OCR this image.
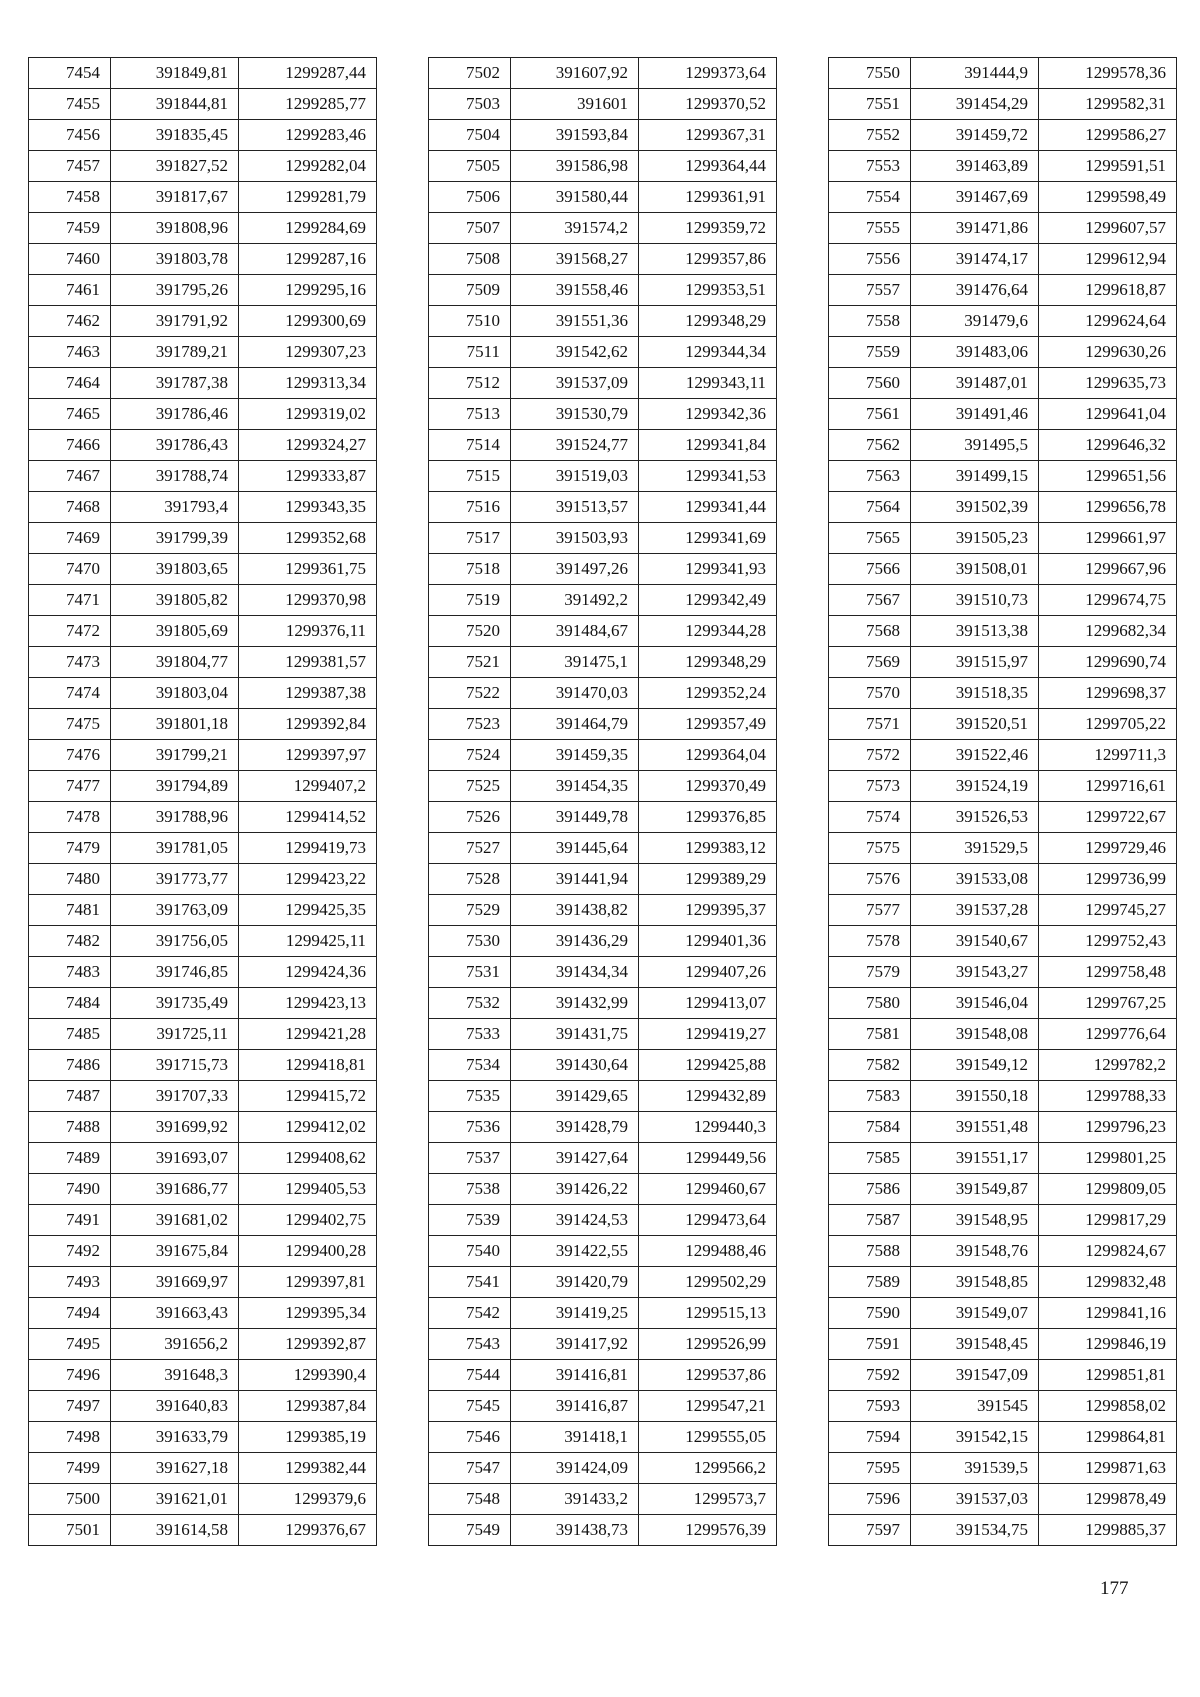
7454	391849,81	1299287,44
7455	391844,81	1299285,77
7456	391835,45	1299283,46
7457	391827,52	1299282,04
7458	391817,67	1299281,79
7459	391808,96	1299284,69
7460	391803,78	1299287,16
7461	391795,26	1299295,16
7462	391791,92	1299300,69
7463	391789,21	1299307,23
7464	391787,38	1299313,34
7465	391786,46	1299319,02
7466	391786,43	1299324,27
7467	391788,74	1299333,87
7468	391793,4	1299343,35
7469	391799,39	1299352,68
7470	391803,65	1299361,75
7471	391805,82	1299370,98
7472	391805,69	1299376,11
7473	391804,77	1299381,57
7474	391803,04	1299387,38
7475	391801,18	1299392,84
7476	391799,21	1299397,97
7477	391794,89	1299407,2
7478	391788,96	1299414,52
7479	391781,05	1299419,73
7480	391773,77	1299423,22
7481	391763,09	1299425,35
7482	391756,05	1299425,11
7483	391746,85	1299424,36
7484	391735,49	1299423,13
7485	391725,11	1299421,28
7486	391715,73	1299418,81
7487	391707,33	1299415,72
7488	391699,92	1299412,02
7489	391693,07	1299408,62
7490	391686,77	1299405,53
7491	391681,02	1299402,75
7492	391675,84	1299400,28
7493	391669,97	1299397,81
7494	391663,43	1299395,34
7495	391656,2	1299392,87
7496	391648,3	1299390,4
7497	391640,83	1299387,84
7498	391633,79	1299385,19
7499	391627,18	1299382,44
7500	391621,01	1299379,6
7501	391614,58	1299376,67
7502	391607,92	1299373,64
7503	391601	1299370,52
7504	391593,84	1299367,31
7505	391586,98	1299364,44
7506	391580,44	1299361,91
7507	391574,2	1299359,72
7508	391568,27	1299357,86
7509	391558,46	1299353,51
7510	391551,36	1299348,29
7511	391542,62	1299344,34
7512	391537,09	1299343,11
7513	391530,79	1299342,36
7514	391524,77	1299341,84
7515	391519,03	1299341,53
7516	391513,57	1299341,44
7517	391503,93	1299341,69
7518	391497,26	1299341,93
7519	391492,2	1299342,49
7520	391484,67	1299344,28
7521	391475,1	1299348,29
7522	391470,03	1299352,24
7523	391464,79	1299357,49
7524	391459,35	1299364,04
7525	391454,35	1299370,49
7526	391449,78	1299376,85
7527	391445,64	1299383,12
7528	391441,94	1299389,29
7529	391438,82	1299395,37
7530	391436,29	1299401,36
7531	391434,34	1299407,26
7532	391432,99	1299413,07
7533	391431,75	1299419,27
7534	391430,64	1299425,88
7535	391429,65	1299432,89
7536	391428,79	1299440,3
7537	391427,64	1299449,56
7538	391426,22	1299460,67
7539	391424,53	1299473,64
7540	391422,55	1299488,46
7541	391420,79	1299502,29
7542	391419,25	1299515,13
7543	391417,92	1299526,99
7544	391416,81	1299537,86
7545	391416,87	1299547,21
7546	391418,1	1299555,05
7547	391424,09	1299566,2
7548	391433,2	1299573,7
7549	391438,73	1299576,39
7550	391444,9	1299578,36
7551	391454,29	1299582,31
7552	391459,72	1299586,27
7553	391463,89	1299591,51
7554	391467,69	1299598,49
7555	391471,86	1299607,57
7556	391474,17	1299612,94
7557	391476,64	1299618,87
7558	391479,6	1299624,64
7559	391483,06	1299630,26
7560	391487,01	1299635,73
7561	391491,46	1299641,04
7562	391495,5	1299646,32
7563	391499,15	1299651,56
7564	391502,39	1299656,78
7565	391505,23	1299661,97
7566	391508,01	1299667,96
7567	391510,73	1299674,75
7568	391513,38	1299682,34
7569	391515,97	1299690,74
7570	391518,35	1299698,37
7571	391520,51	1299705,22
7572	391522,46	1299711,3
7573	391524,19	1299716,61
7574	391526,53	1299722,67
7575	391529,5	1299729,46
7576	391533,08	1299736,99
7577	391537,28	1299745,27
7578	391540,67	1299752,43
7579	391543,27	1299758,48
7580	391546,04	1299767,25
7581	391548,08	1299776,64
7582	391549,12	1299782,2
7583	391550,18	1299788,33
7584	391551,48	1299796,23
7585	391551,17	1299801,25
7586	391549,87	1299809,05
7587	391548,95	1299817,29
7588	391548,76	1299824,67
7589	391548,85	1299832,48
7590	391549,07	1299841,16
7591	391548,45	1299846,19
7592	391547,09	1299851,81
7593	391545	1299858,02
7594	391542,15	1299864,81
7595	391539,5	1299871,63
7596	391537,03	1299878,49
7597	391534,75	1299885,37
177
